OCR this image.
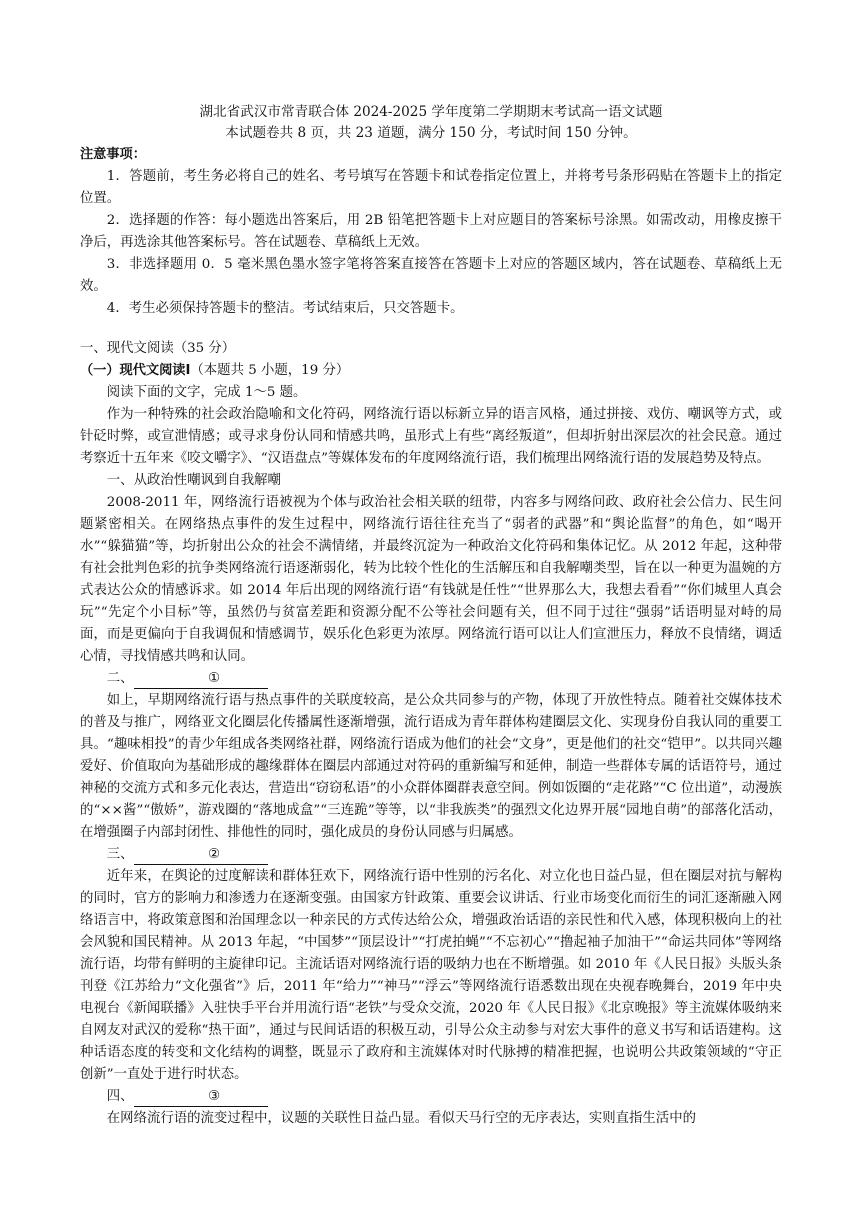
湖北省武汉市常青联合体 2024-2025 学年度第二学期期末考试高一语文试题
本试题卷共 8 页，共 23 道题，满分 150 分，考试时间 150 分钟。

注意事项：

1．答题前，考生务必将自己的姓名、考号填写在答题卡和试卷指定位置上，并将考号条形码贴在答题卡上的指定位置。

2．选择题的作答：每小题选出答案后，用 2B 铅笔把答题卡上对应题目的答案标号涂黑。如需改动，用橡皮擦干净后，再选涂其他答案标号。答在试题卷、草稿纸上无效。

3．非选择题用 0．5 毫米黑色墨水签字笔将答案直接答在答题卡上对应的答题区域内，答在试题卷、草稿纸上无效。

4．考生必须保持答题卡的整洁。考试结束后，只交答题卡。

一、现代文阅读（35 分）

（一）现代文阅读Ⅰ（本题共 5 小题，19 分）

阅读下面的文字，完成 1～5 题。

作为一种特殊的社会政治隐喻和文化符码，网络流行语以标新立异的语言风格，通过拼接、戏仿、嘲讽等方式，或针砭时弊，或宣泄情感；或寻求身份认同和情感共鸣，虽形式上有些“离经叛道”，但却折射出深层次的社会民意。通过考察近十五年来《咬文嚼字》、“汉语盘点”等媒体发布的年度网络流行语，我们梳理出网络流行语的发展趋势及特点。

一、从政治性嘲讽到自我解嘲

2008-2011 年，网络流行语被视为个体与政治社会相关联的纽带，内容多与网络问政、政府社会公信力、民生问题紧密相关。在网络热点事件的发生过程中，网络流行语往往充当了“弱者的武器”和“舆论监督”的角色，如“喝开水”“躲猫猫”等，均折射出公众的社会不满情绪，并最终沉淀为一种政治文化符码和集体记忆。从 2012 年起，这种带有社会批判色彩的抗争类网络流行语逐渐弱化，转为比较个性化的生活解压和自我解嘲类型，旨在以一种更为温婉的方式表达公众的情感诉求。如 2014 年后出现的网络流行语“有钱就是任性”“世界那么大，我想去看看”“你们城里人真会玩”“先定个小目标”等，虽然仍与贫富差距和资源分配不公等社会问题有关，但不同于过往“强弱”话语明显对峙的局面，而是更偏向于自我调侃和情感调节，娱乐化色彩更为浓厚。网络流行语可以让人们宣泄压力，释放不良情绪，调适心情，寻找情感共鸣和认同。

二、	①

如上，早期网络流行语与热点事件的关联度较高，是公众共同参与的产物，体现了开放性特点。随着社交媒体技术的普及与推广，网络亚文化圈层化传播属性逐渐增强，流行语成为青年群体构建圈层文化、实现身份自我认同的重要工具。“趣味相投”的青少年组成各类网络社群，网络流行语成为他们的社会“文身”，更是他们的社交“铠甲”。以共同兴趣爱好、价值取向为基础形成的趣缘群体在圈层内部通过对符码的重新编写和延伸，制造一些群体专属的话语符号，通过神秘的交流方式和多元化表达，营造出“窃窃私语”的小众群体圈群表意空间。例如饭圈的“走花路”“C 位出道”，动漫族的“××酱”“傲娇”，游戏圈的“落地成盒”“三连跪”等等，以“非我族类”的强烈文化边界开展“园地自萌”的部落化活动，在增强圈子内部封闭性、排他性的同时，强化成员的身份认同感与归属感。

三、	②

近年来，在舆论的过度解读和群体狂欢下，网络流行语中性别的污名化、对立化也日益凸显，但在圈层对抗与解构的同时，官方的影响力和渗透力在逐渐变强。由国家方针政策、重要会议讲话、行业市场变化而衍生的词汇逐渐融入网络语言中，将政策意图和治国理念以一种亲民的方式传达给公众，增强政治话语的亲民性和代入感，体现积极向上的社会风貌和国民精神。从 2013 年起，“中国梦”“顶层设计”“打虎拍蝇”“不忘初心”“撸起袖子加油干”“命运共同体”等网络流行语，均带有鲜明的主旋律印记。主流话语对网络流行语的吸纳力也在不断增强。如 2010 年《人民日报》头版头条刊登《江苏给力“文化强省”》后，2011 年“给力”“神马”“浮云”等网络流行语悉数出现在央视春晚舞台，2019 年中央电视台《新闻联播》入驻快手平台并用流行语“老铁”与受众交流，2020 年《人民日报》《北京晚报》等主流媒体吸纳来自网友对武汉的爱称“热干面”，通过与民间话语的积极互动，引导公众主动参与对宏大事件的意义书写和话语建构。这种话语态度的转变和文化结构的调整，既显示了政府和主流媒体对时代脉搏的精准把握，也说明公共政策领域的“守正创新”一直处于进行时状态。

四、	③

在网络流行语的流变过程中，议题的关联性日益凸显。看似天马行空的无序表达，实则直指生活中的
